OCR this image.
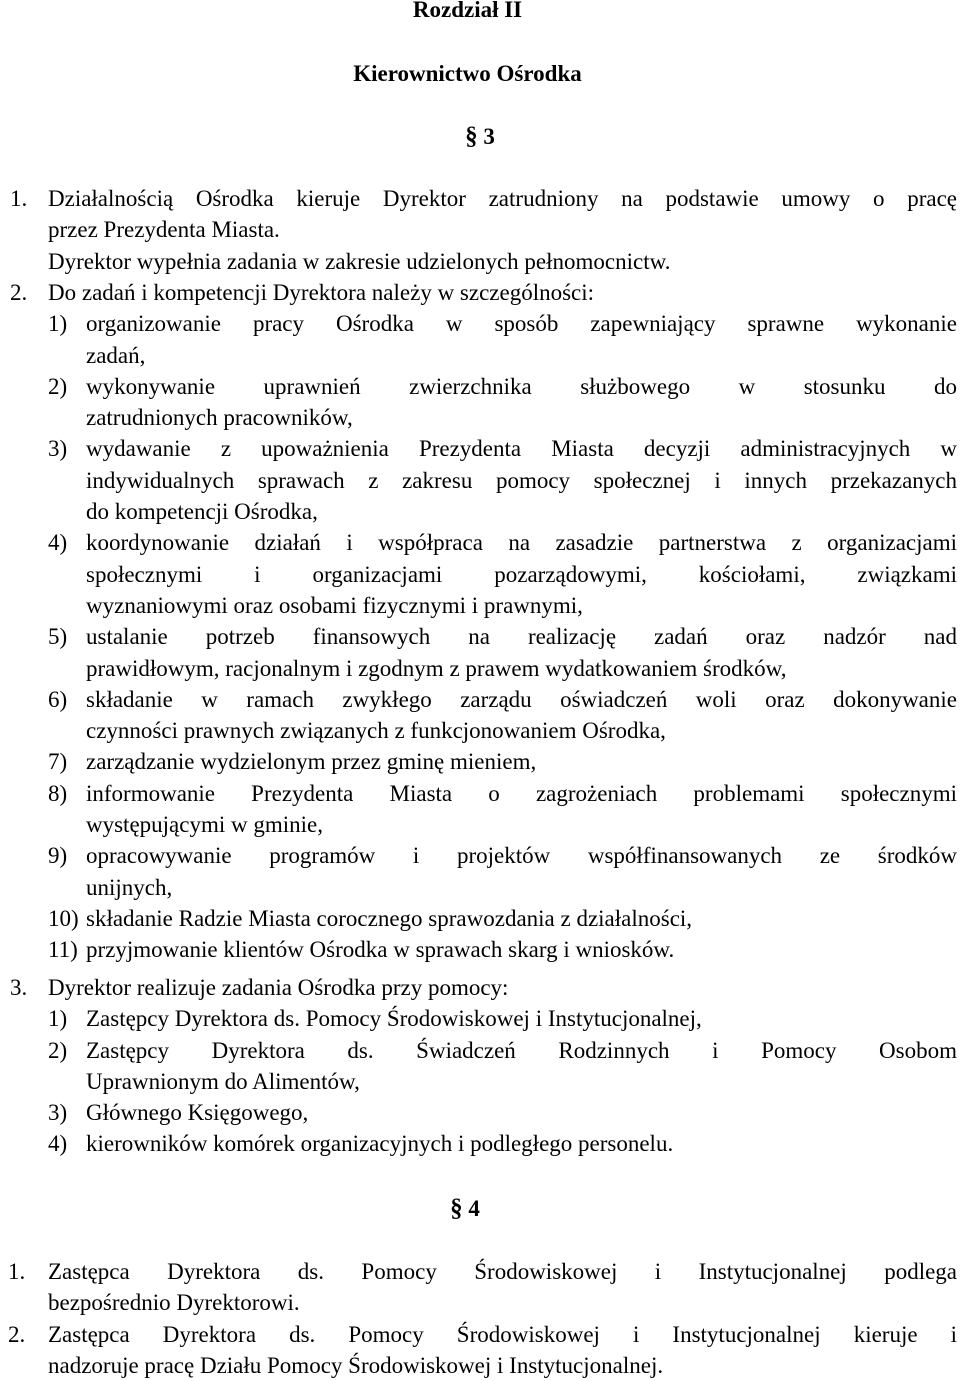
Rozdział II
Kierownictwo Ośrodka
§ 3
1. Działalnością Ośrodka kieruje Dyrektor zatrudniony na podstawie umowy o pracę
przez Prezydenta Miasta.
Dyrektor wypełnia zadania w zakresie udzielonych pełnomocnictw.
2. Do zadań i kompetencji Dyrektora należy w szczególności:
1) organizowanie pracy Ośrodka w sposób zapewniający sprawne wykonanie
zadań,
2) wykonywanie uprawnień zwierzchnika służbowego w stosunku do
zatrudnionych pracowników,
3) wydawanie z upoważnienia Prezydenta Miasta decyzji administracyjnych w
indywidualnych sprawach z zakresu pomocy społecznej i innych przekazanych
do kompetencji Ośrodka,
4) koordynowanie działań i współpraca na zasadzie partnerstwa z organizacjami
społecznymi i organizacjami pozarządowymi, kościołami, związkami
wyznaniowymi oraz osobami fizycznymi i prawnymi,
5) ustalanie potrzeb finansowych na realizację zadań oraz nadzór nad
prawidłowym, racjonalnym i zgodnym z prawem wydatkowaniem środków,
6) składanie w ramach zwykłego zarządu oświadczeń woli oraz dokonywanie
czynności prawnych związanych z funkcjonowaniem Ośrodka,
7) zarządzanie wydzielonym przez gminę mieniem,
8) informowanie Prezydenta Miasta o zagrożeniach problemami społecznymi
występującymi w gminie,
9) opracowywanie programów i projektów współfinansowanych ze środków
unijnych,
10) składanie Radzie Miasta corocznego sprawozdania z działalności,
11) przyjmowanie klientów Ośrodka w sprawach skarg i wniosków.
3. Dyrektor realizuje zadania Ośrodka przy pomocy:
1) Zastępcy Dyrektora ds. Pomocy Środowiskowej i Instytucjonalnej,
2) Zastępcy Dyrektora ds. Świadczeń Rodzinnych i Pomocy Osobom
Uprawnionym do Alimentów,
3) Głównego Księgowego,
4) kierowników komórek organizacyjnych i podległego personelu.
§ 4
1. Zastępca Dyrektora ds. Pomocy Środowiskowej i Instytucjonalnej podlega
bezpośrednio Dyrektorowi.
2. Zastępca Dyrektora ds. Pomocy Środowiskowej i Instytucjonalnej kieruje i
nadzoruje pracę Działu Pomocy Środowiskowej i Instytucjonalnej.
